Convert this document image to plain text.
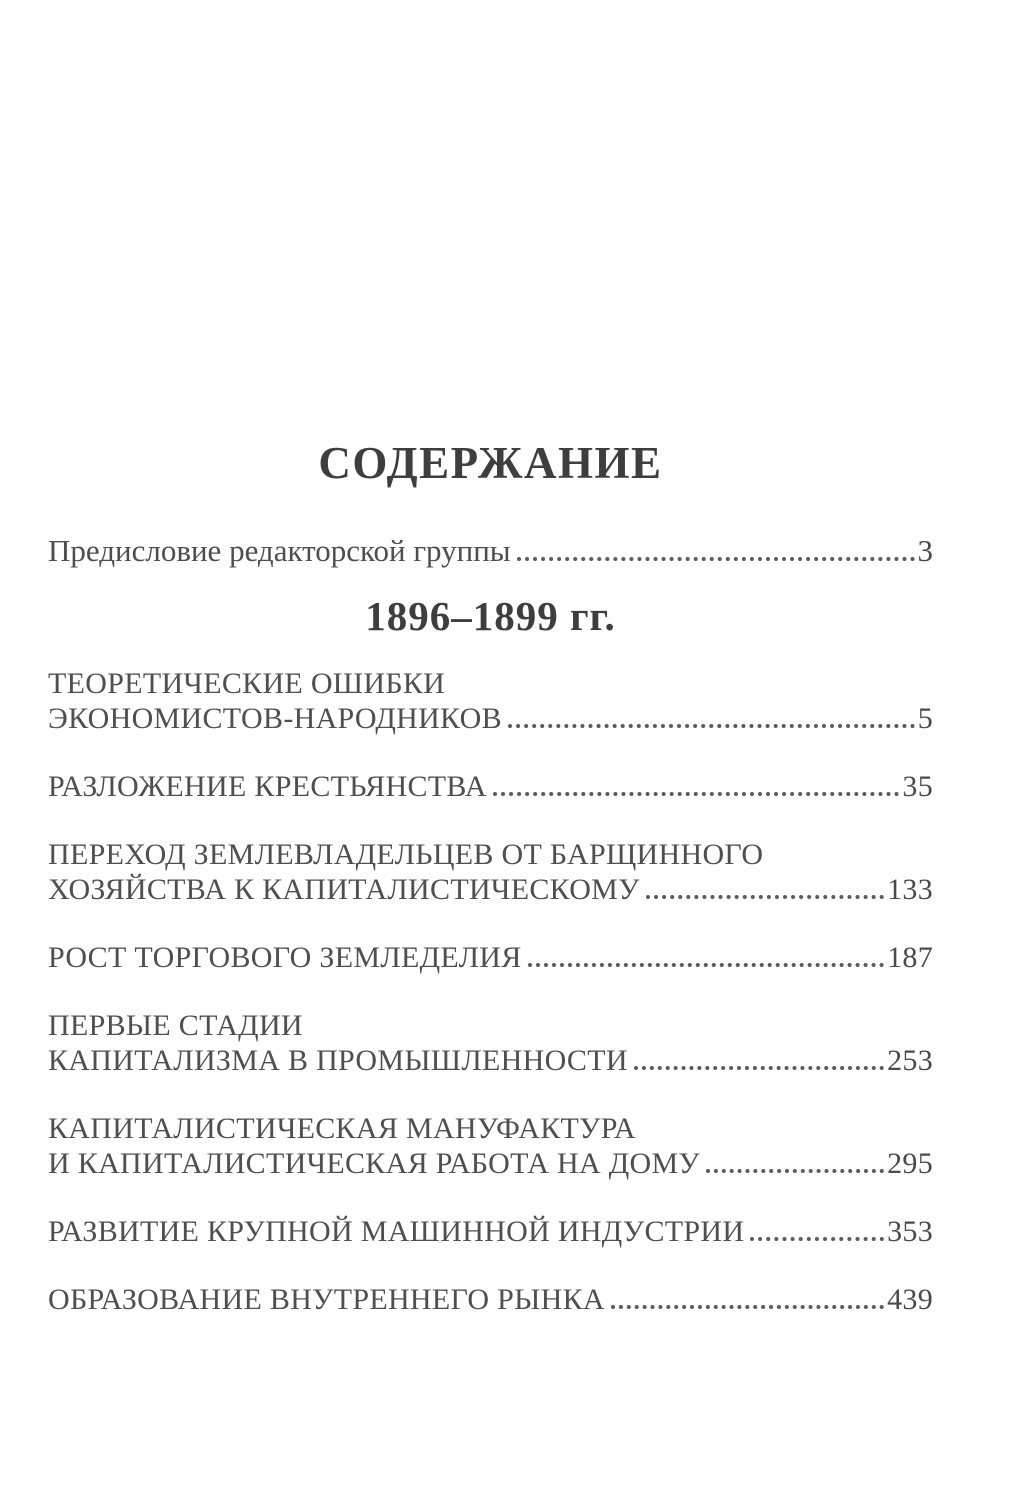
СОДЕРЖАНИЕ
Предисловие редакторской группы	3
1896–1899 гг.
ТЕОРЕТИЧЕСКИЕ ОШИБКИ
ЭКОНОМИСТОВ-НАРОДНИКОВ	5
РАЗЛОЖЕНИЕ КРЕСТЬЯНСТВА	35
ПЕРЕХОД ЗЕМЛЕВЛАДЕЛЬЦЕВ ОТ БАРЩИННОГО
ХОЗЯЙСТВА К КАПИТАЛИСТИЧЕСКОМУ	133
РОСТ ТОРГОВОГО ЗЕМЛЕДЕЛИЯ	187
ПЕРВЫЕ СТАДИИ
КАПИТАЛИЗМА В ПРОМЫШЛЕННОСТИ	253
КАПИТАЛИСТИЧЕСКАЯ МАНУФАКТУРА
И КАПИТАЛИСТИЧЕСКАЯ РАБОТА НА ДОМУ	295
РАЗВИТИЕ КРУПНОЙ МАШИННОЙ ИНДУСТРИИ	353
ОБРАЗОВАНИЕ ВНУТРЕННЕГО РЫНКА	439
